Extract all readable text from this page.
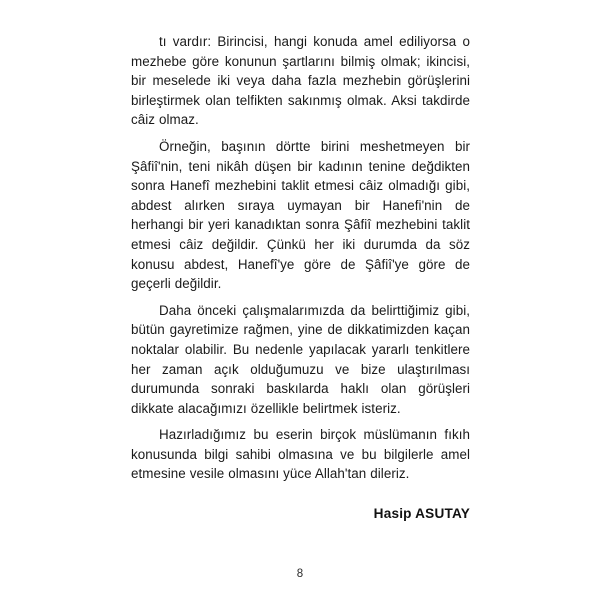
tı vardır: Birincisi, hangi konuda amel ediliyorsa o mezhebe göre konunun şartlarını bilmiş olmak; ikincisi, bir meselede iki veya daha fazla mezhebin görüşlerini birleştirmek olan telfikten sakınmış olmak. Aksi takdirde câiz olmaz.

Örneğin, başının dörtte birini meshetmeyen bir Şâfiî'nin, teni nikâh düşen bir kadının tenine değdikten sonra Hanefî mezhebini taklit etmesi câiz olmadığı gibi, abdest alırken sıraya uymayan bir Hanefi'nin de herhangi bir yeri kanadıktan sonra Şâfiî mezhebini taklit etmesi câiz değildir. Çünkü her iki durumda da söz konusu abdest, Hanefî'ye göre de Şâfiî'ye göre de geçerli değildir.

Daha önceki çalışmalarımızda da belirttiğimiz gibi, bütün gayretimize rağmen, yine de dikkatimizden kaçan noktalar olabilir. Bu nedenle yapılacak yararlı tenkitlere her zaman açık olduğumuzu ve bize ulaştırılması durumunda sonraki baskılarda haklı olan görüşleri dikkate alacağımızı özellikle belirtmek isteriz.

Hazırladığımız bu eserin birçok müslümanın fıkıh konusunda bilgi sahibi olmasına ve bu bilgilerle amel etmesine vesile olmasını yüce Allah'tan dileriz.

Hasip ASUTAY
8
